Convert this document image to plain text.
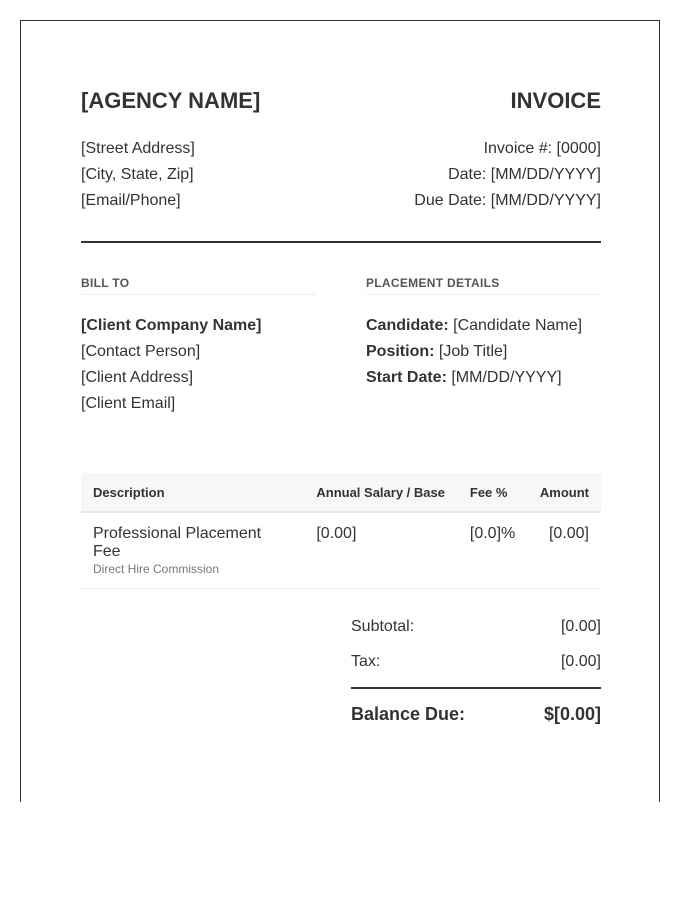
[AGENCY NAME]
[Street Address]
[City, State, Zip]
[Email/Phone]
INVOICE
Invoice #: [0000]
Date: [MM/DD/YYYY]
Due Date: [MM/DD/YYYY]
BILL TO
[Client Company Name]
[Contact Person]
[Client Address]
[Client Email]
PLACEMENT DETAILS
Candidate: [Candidate Name]
Position: [Job Title]
Start Date: [MM/DD/YYYY]
Description	Annual Salary / Base	Fee %	Amount
Professional Placement Fee
Direct Hire Commission	[0.00]	[0.0]%	[0.00]
Subtotal:	[0.00]
Tax:	[0.00]
Balance Due:	$[0.00]
